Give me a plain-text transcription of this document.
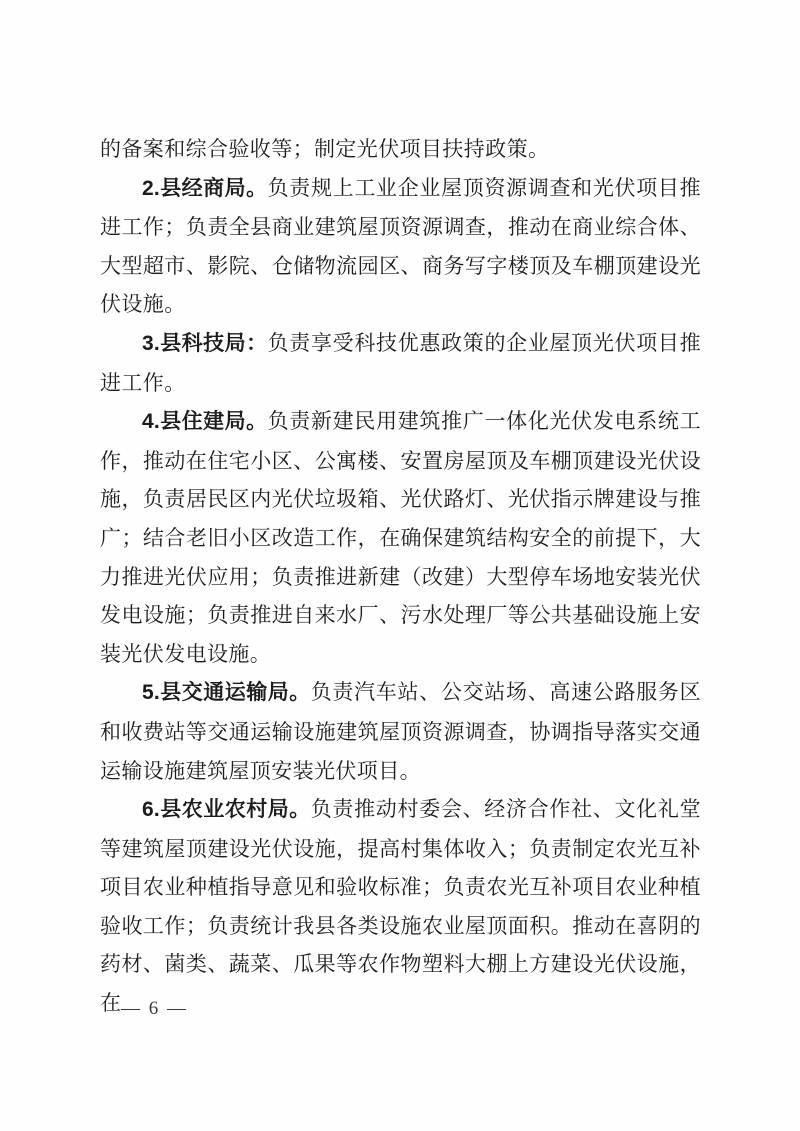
的备案和综合验收等；制定光伏项目扶持政策。

2.县经商局。负责规上工业企业屋顶资源调查和光伏项目推进工作；负责全县商业建筑屋顶资源调查，推动在商业综合体、大型超市、影院、仓储物流园区、商务写字楼顶及车棚顶建设光伏设施。

3.县科技局：负责享受科技优惠政策的企业屋顶光伏项目推进工作。

4.县住建局。负责新建民用建筑推广一体化光伏发电系统工作，推动在住宅小区、公寓楼、安置房屋顶及车棚顶建设光伏设施，负责居民区内光伏垃圾箱、光伏路灯、光伏指示牌建设与推广；结合老旧小区改造工作，在确保建筑结构安全的前提下，大力推进光伏应用；负责推进新建（改建）大型停车场地安装光伏发电设施；负责推进自来水厂、污水处理厂等公共基础设施上安装光伏发电设施。

5.县交通运输局。负责汽车站、公交站场、高速公路服务区和收费站等交通运输设施建筑屋顶资源调查，协调指导落实交通运输设施建筑屋顶安装光伏项目。

6.县农业农村局。负责推动村委会、经济合作社、文化礼堂等建筑屋顶建设光伏设施，提高村集体收入；负责制定农光互补项目农业种植指导意见和验收标准；负责农光互补项目农业种植验收工作；负责统计我县各类设施农业屋顶面积。推动在喜阴的药材、菌类、蔬菜、瓜果等农作物塑料大棚上方建设光伏设施，在 — 6 —
